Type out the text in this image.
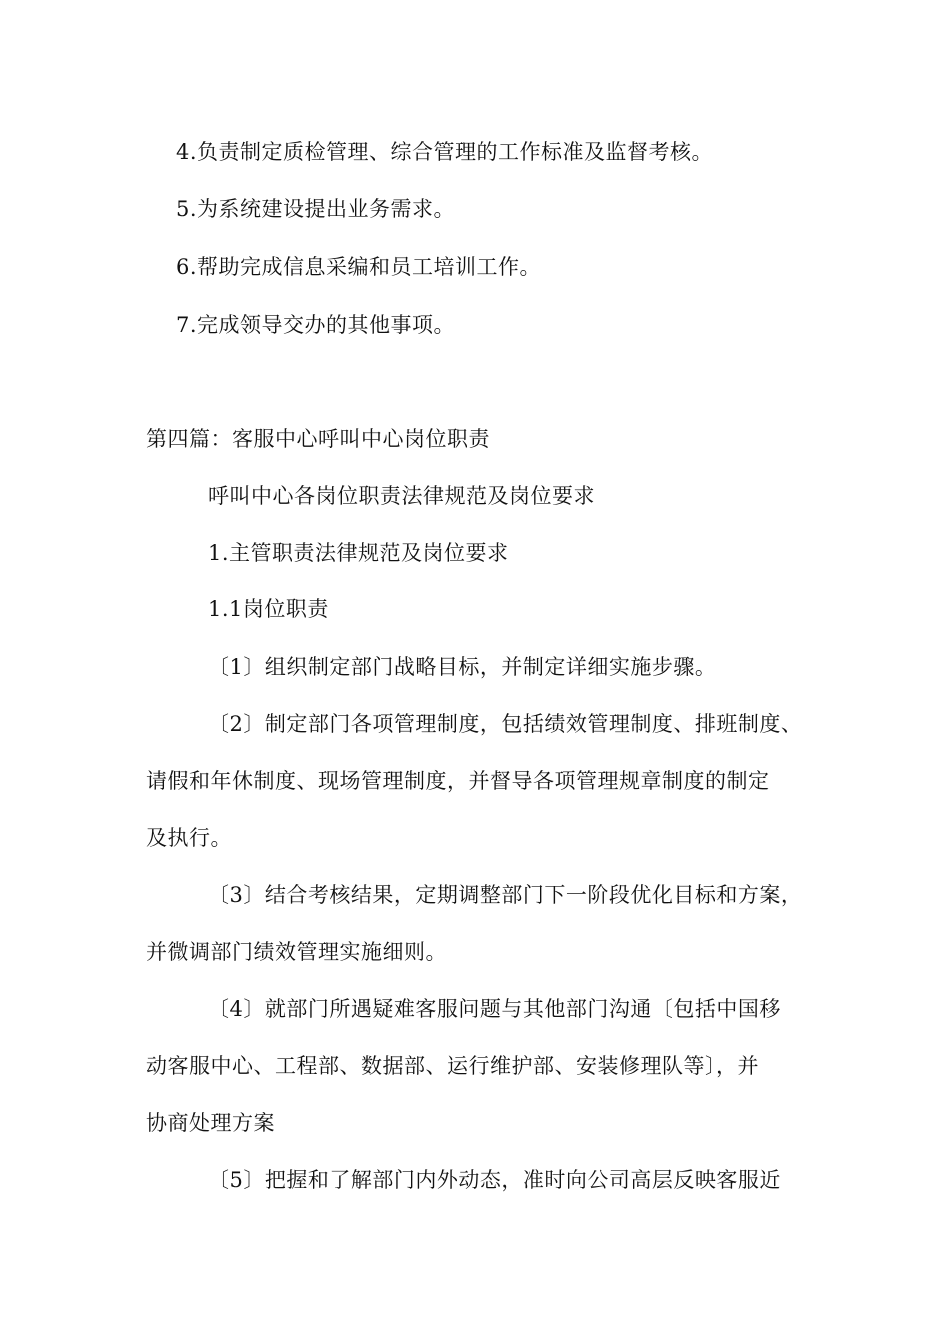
4.负责制定质检管理、综合管理的工作标准及监督考核。
5.为系统建设提出业务需求。
6.帮助完成信息采编和员工培训工作。
7.完成领导交办的其他事项。
第四篇：客服中心呼叫中心岗位职责
呼叫中心各岗位职责法律规范及岗位要求
1.主管职责法律规范及岗位要求
1.1岗位职责
〔1〕组织制定部门战略目标，并制定详细实施步骤。
〔2〕制定部门各项管理制度，包括绩效管理制度、排班制度、
请假和年休制度、现场管理制度，并督导各项管理规章制度的制定
及执行。
〔3〕结合考核结果，定期调整部门下一阶段优化目标和方案，
并微调部门绩效管理实施细则。
〔4〕就部门所遇疑难客服问题与其他部门沟通〔包括中国移
动客服中心、工程部、数据部、运行维护部、安装修理队等〕，并
协商处理方案
〔5〕把握和了解部门内外动态，准时向公司高层反映客服近
